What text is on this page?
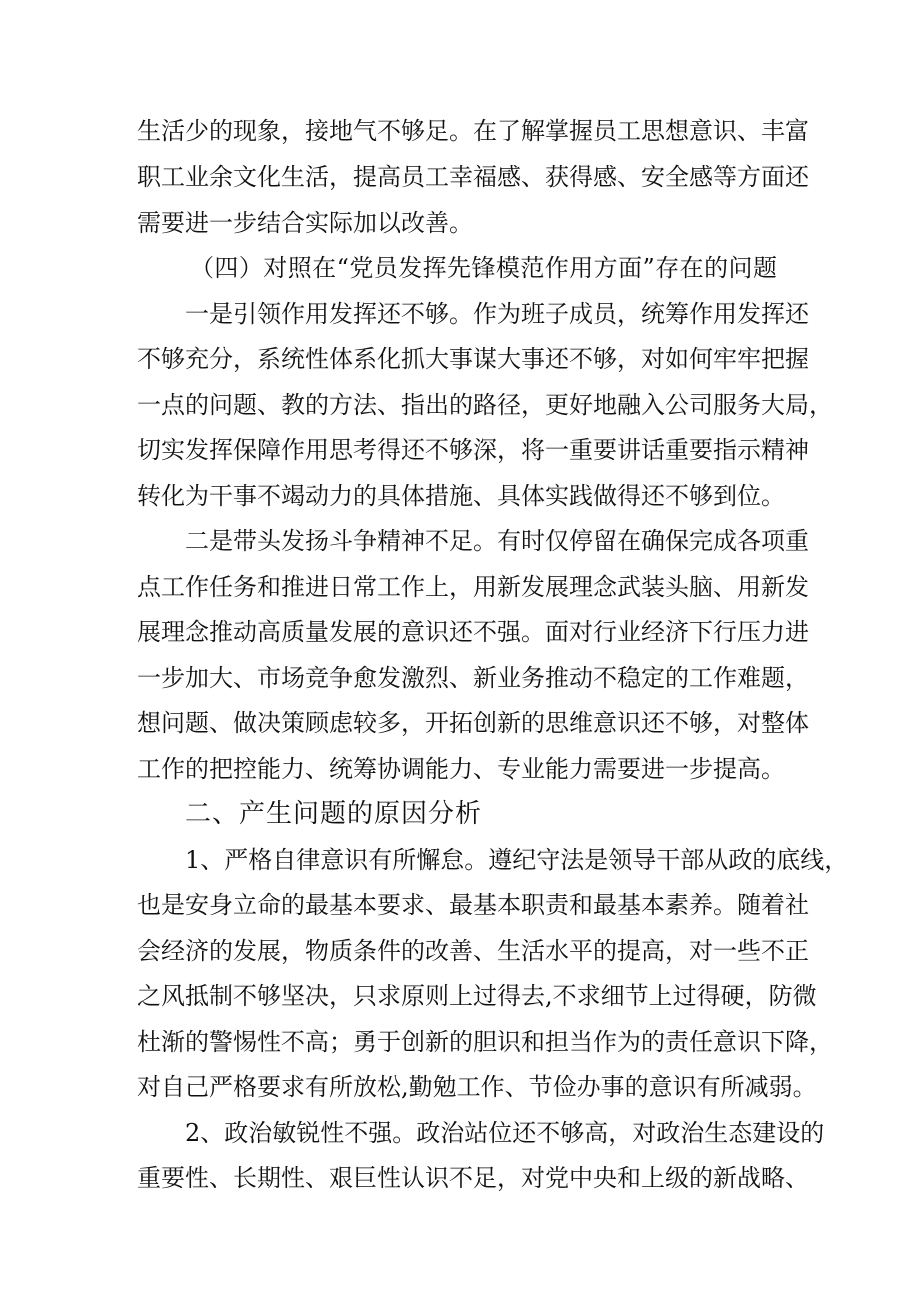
生活少的现象，接地气不够足。在了解掌握员工思想意识、丰富
职工业余文化生活，提高员工幸福感、获得感、安全感等方面还
需要进一步结合实际加以改善。
（四）对照在“党员发挥先锋模范作用方面”存在的问题
一是引领作用发挥还不够。作为班子成员，统筹作用发挥还
不够充分，系统性体系化抓大事谋大事还不够，对如何牢牢把握
一点的问题、教的方法、指出的路径，更好地融入公司服务大局，
切实发挥保障作用思考得还不够深，将一重要讲话重要指示精神
转化为干事不竭动力的具体措施、具体实践做得还不够到位。
二是带头发扬斗争精神不足。有时仅停留在确保完成各项重
点工作任务和推进日常工作上，用新发展理念武装头脑、用新发
展理念推动高质量发展的意识还不强。面对行业经济下行压力进
一步加大、市场竞争愈发激烈、新业务推动不稳定的工作难题，
想问题、做决策顾虑较多，开拓创新的思维意识还不够，对整体
工作的把控能力、统筹协调能力、专业能力需要进一步提高。
二、产生问题的原因分析
1、严格自律意识有所懈怠。遵纪守法是领导干部从政的底线，
也是安身立命的最基本要求、最基本职责和最基本素养。随着社
会经济的发展，物质条件的改善、生活水平的提高，对一些不正
之风抵制不够坚决，只求原则上过得去,不求细节上过得硬，防微
杜渐的警惕性不高；勇于创新的胆识和担当作为的责任意识下降，
对自己严格要求有所放松,勤勉工作、节俭办事的意识有所减弱。
2、政治敏锐性不强。政治站位还不够高，对政治生态建设的
重要性、长期性、艰巨性认识不足，对党中央和上级的新战略、
